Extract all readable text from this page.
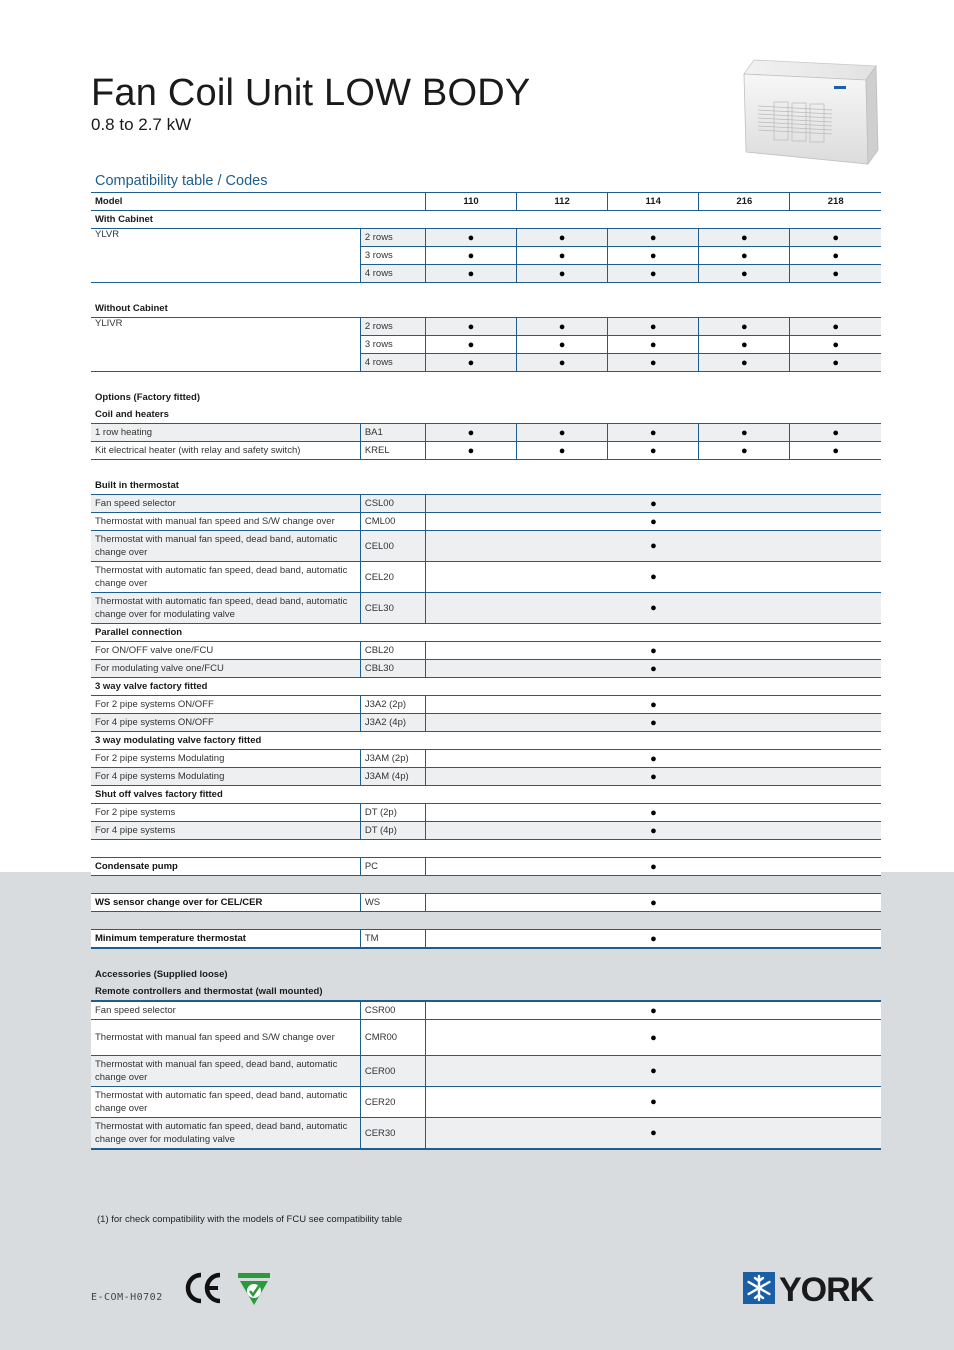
Fan Coil Unit LOW BODY
0.8 to 2.7 kW
Compatibility table / Codes
Model		110	112	114	216	218
With Cabinet						
YLVR	2 rows	●	●	●	●	●
	3 rows	●	●	●	●	●
	4 rows	●	●	●	●	●

Without Cabinet						
YLIVR	2 rows	●	●	●	●	●
	3 rows	●	●	●	●	●
	4 rows	●	●	●	●	●

Options (Factory fitted)						
Coil and heaters						
1 row heating	BA1	●	●	●	●	●
Kit electrical heater (with relay and safety switch)	KREL	●	●	●	●	●

Built in thermostat						
Fan speed selector	CSL00	●				
Thermostat with manual fan speed and S/W change over	CML00	●				
Thermostat with manual fan speed, dead band, automatic change over	CEL00	●				
Thermostat with automatic fan speed, dead band, automatic change over	CEL20	●				
Thermostat with automatic fan speed, dead band, automatic change over for modulating valve	CEL30	●				
Parallel connection						
For ON/OFF valve one/FCU	CBL20	●				
For modulating valve one/FCU	CBL30	●				
3 way valve factory fitted						
For 2 pipe systems ON/OFF	J3A2 (2p)	●				
For 4 pipe systems ON/OFF	J3A2 (4p)	●				
3 way modulating valve factory fitted						
For 2 pipe systems Modulating	J3AM (2p)	●				
For 4 pipe systems Modulating	J3AM (4p)	●				
Shut off valves factory fitted						
For 2 pipe systems	DT (2p)	●				
For 4 pipe systems	DT (4p)	●				

Condensate pump	PC	●				

WS sensor change over for CEL/CER	WS	●				

Minimum temperature thermostat	TM	●				

Accessories (Supplied loose)						
Remote controllers and thermostat (wall mounted)						
Fan speed selector	CSR00	●				
Thermostat with manual fan speed and S/W change over	CMR00	●				
Thermostat with manual fan speed, dead band, automatic change over	CER00	●				
Thermostat with automatic fan speed, dead band, automatic change over	CER20	●				
Thermostat with automatic fan speed, dead band, automatic change over for modulating valve	CER30	●				
(1) for check compatibility with the models of FCU see compatibility table
E-COM-H0702	YORK
